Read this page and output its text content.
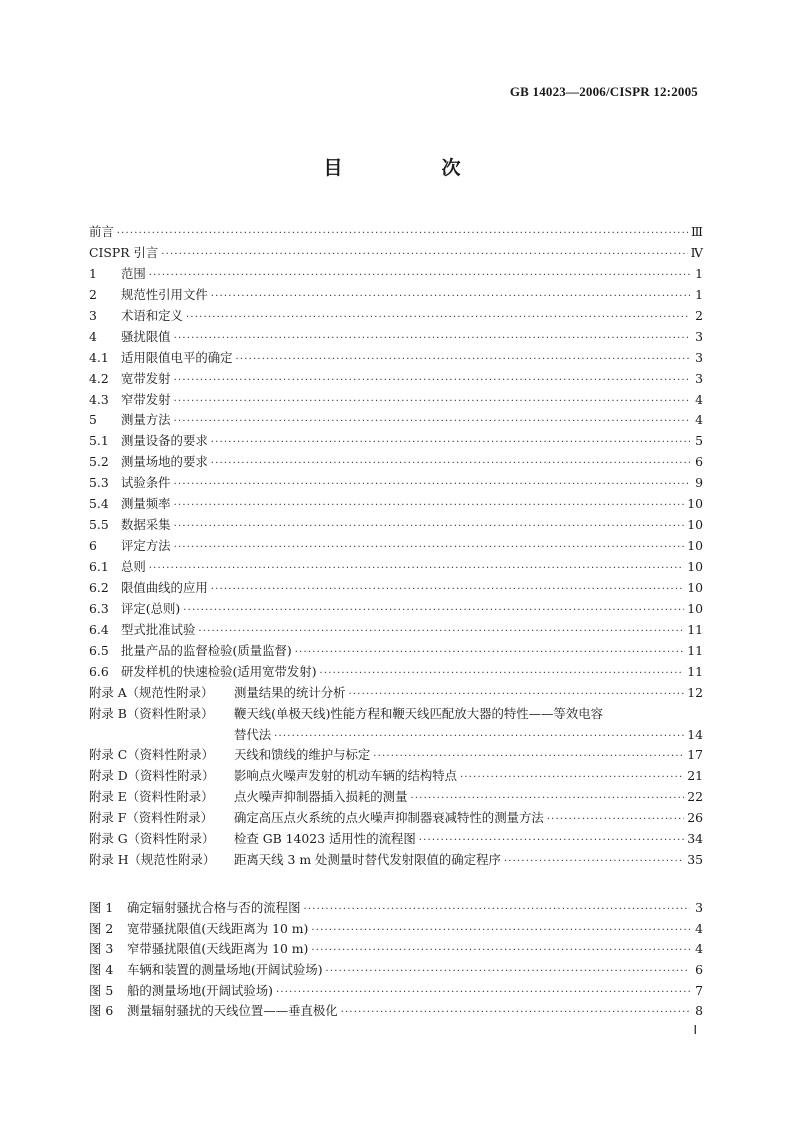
GB 14023—2006/CISPR 12:2005
目　次
前言 ·····	Ⅲ
CISPR 引言 ·····	Ⅳ
1	范围 ·····	1
2	规范性引用文件 ·····	1
3	术语和定义 ·····	2
4	骚扰限值 ·····	3
4.1 适用限值电平的确定 ·····	3
4.2 宽带发射 ·····	3
4.3 窄带发射 ·····	4
5	测量方法 ·····	4
5.1 测量设备的要求 ·····	5
5.2 测量场地的要求 ·····	6
5.3 试验条件 ·····	9
5.4 测量频率 ·····	10
5.5 数据采集 ·····	10
6	评定方法 ·····	10
6.1 总则 ·····	10
6.2 限值曲线的应用 ·····	10
6.3 评定(总则) ·····	10
6.4 型式批准试验 ·····	11
6.5 批量产品的监督检验(质量监督) ·····	11
6.6 研发样机的快速检验(适用宽带发射) ·····	11
附录 A（规范性附录）	测量结果的统计分析 ·····	12
附录 B（资料性附录）	鞭天线(单极天线)性能方程和鞭天线匹配放大器的特性——等效电容
替代法 ·····	14
附录 C（资料性附录）	天线和馈线的维护与标定 ·····	17
附录 D（资料性附录）	影响点火噪声发射的机动车辆的结构特点 ·····	21
附录 E（资料性附录）	点火噪声抑制器插入损耗的测量 ·····	22
附录 F（资料性附录）	确定高压点火系统的点火噪声抑制器衰减特性的测量方法 ·····	26
附录 G（资料性附录）	检查 GB 14023 适用性的流程图 ·····	34
附录 H（规范性附录）	距离天线 3 m 处测量时替代发射限值的确定程序 ·····	35
图 1	确定辐射骚扰合格与否的流程图 ·····	3
图 2	宽带骚扰限值(天线距离为 10 m) ·····	4
图 3	窄带骚扰限值(天线距离为 10 m) ·····	4
图 4	车辆和装置的测量场地(开阔试验场) ·····	6
图 5	船的测量场地(开阔试验场) ·····	7
图 6	测量辐射骚扰的天线位置——垂直极化 ·····	8
Ⅰ
